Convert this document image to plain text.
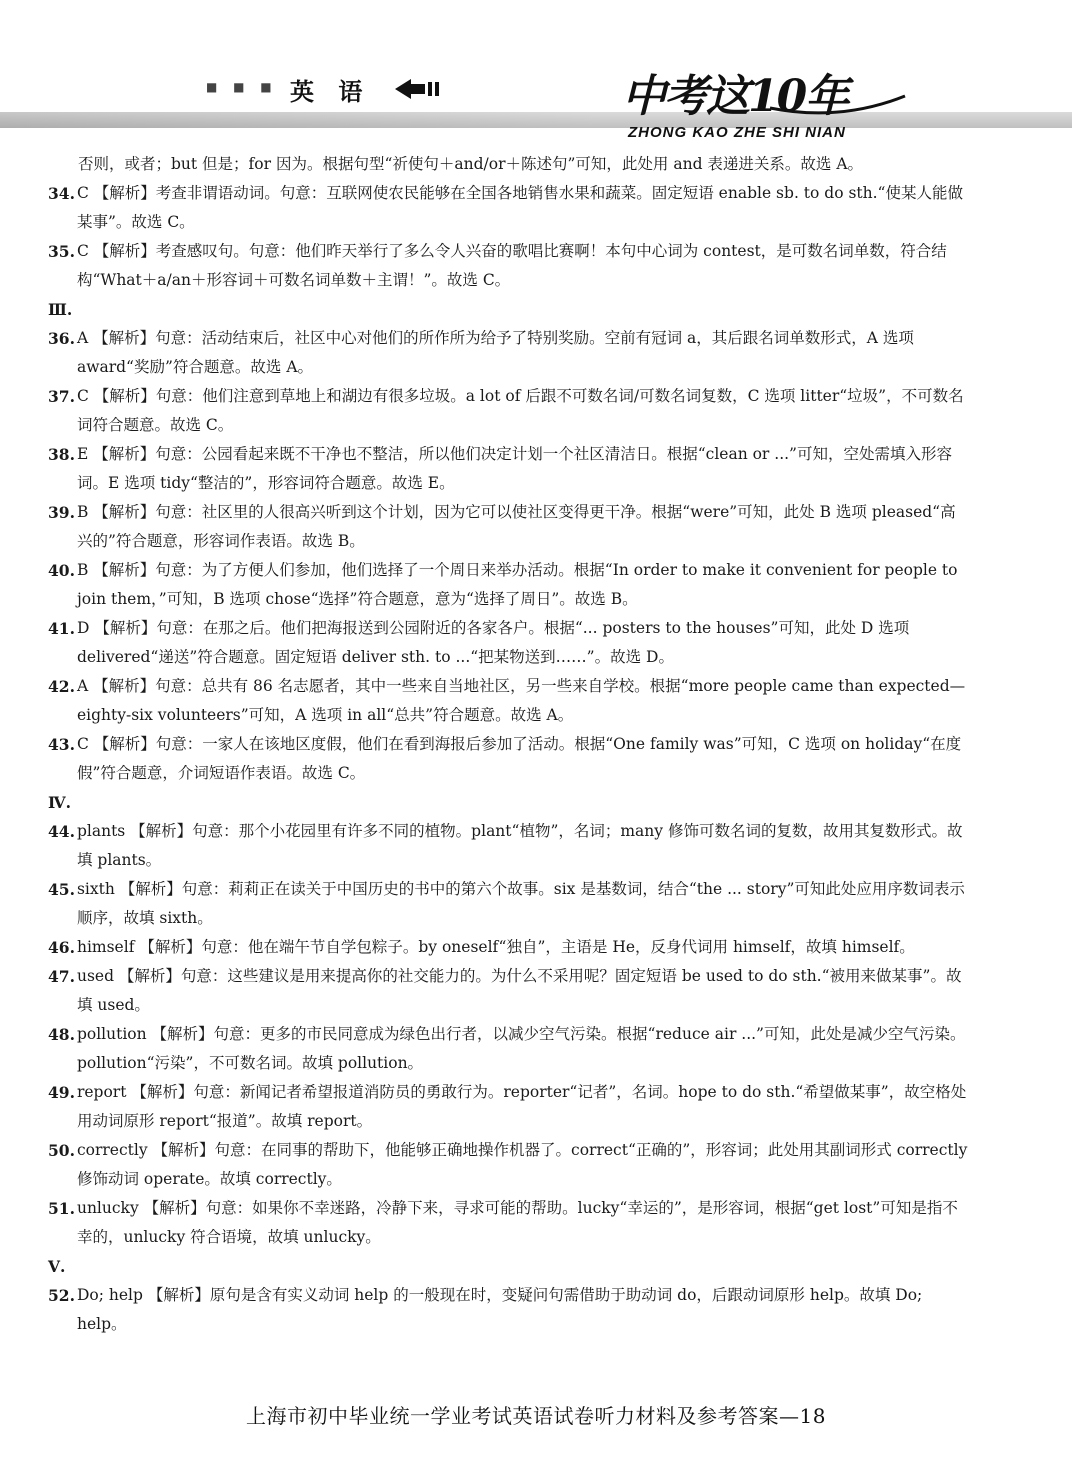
■ ■ ■ 英 语	中考这10年
ZHONG KAO ZHE SHI NIAN
否则，或者；but 但是；for 因为。根据句型“祈使句＋and/or＋陈述句”可知，此处用 and 表递进关系。故选 A。
34. C 【解析】考查非谓语动词。句意：互联网使农民能够在全国各地销售水果和蔬菜。固定短语 enable sb. to do sth.“使某人能做某事”。故选 C。
35. C 【解析】考查感叹句。句意：他们昨天举行了多么令人兴奋的歌唱比赛啊！本句中心词为 contest，是可数名词单数，符合结构“What＋a/an＋形容词＋可数名词单数＋主谓！”。故选 C。
Ⅲ.
36. A 【解析】句意：活动结束后，社区中心对他们的所作所为给予了特别奖励。空前有冠词 a，其后跟名词单数形式，A 选项 award“奖励”符合题意。故选 A。
37. C 【解析】句意：他们注意到草地上和湖边有很多垃圾。a lot of 后跟不可数名词/可数名词复数，C 选项 litter“垃圾”，不可数名词符合题意。故选 C。
38. E 【解析】句意：公园看起来既不干净也不整洁，所以他们决定计划一个社区清洁日。根据“clean or ...”可知，空处需填入形容词。E 选项 tidy“整洁的”，形容词符合题意。故选 E。
39. B 【解析】句意：社区里的人很高兴听到这个计划，因为它可以使社区变得更干净。根据“were”可知，此处 B 选项 pleased“高兴的”符合题意，形容词作表语。故选 B。
40. B 【解析】句意：为了方便人们参加，他们选择了一个周日来举办活动。根据“In order to make it convenient for people to join them，”可知，B 选项 chose“选择”符合题意，意为“选择了周日”。故选 B。
41. D 【解析】句意：在那之后。他们把海报送到公园附近的各家各户。根据“... posters to the houses”可知，此处 D 选项 delivered“递送”符合题意。固定短语 deliver sth. to ...“把某物送到……”。故选 D。
42. A 【解析】句意：总共有 86 名志愿者，其中一些来自当地社区，另一些来自学校。根据“more people came than expected—eighty-six volunteers”可知，A 选项 in all“总共”符合题意。故选 A。
43. C 【解析】句意：一家人在该地区度假，他们在看到海报后参加了活动。根据“One family was”可知，C 选项 on holiday“在度假”符合题意，介词短语作表语。故选 C。
Ⅳ.
44. plants 【解析】句意：那个小花园里有许多不同的植物。plant“植物”，名词；many 修饰可数名词的复数，故用其复数形式。故填 plants。
45. sixth 【解析】句意：莉莉正在读关于中国历史的书中的第六个故事。six 是基数词，结合“the ... story”可知此处应用序数词表示顺序，故填 sixth。
46. himself 【解析】句意：他在端午节自学包粽子。by oneself“独自”，主语是 He，反身代词用 himself，故填 himself。
47. used 【解析】句意：这些建议是用来提高你的社交能力的。为什么不采用呢？固定短语 be used to do sth.“被用来做某事”。故填 used。
48. pollution 【解析】句意：更多的市民同意成为绿色出行者，以减少空气污染。根据“reduce air ...”可知，此处是减少空气污染。pollution“污染”，不可数名词。故填 pollution。
49. report 【解析】句意：新闻记者希望报道消防员的勇敢行为。reporter“记者”，名词。hope to do sth.“希望做某事”，故空格处用动词原形 report“报道”。故填 report。
50. correctly 【解析】句意：在同事的帮助下，他能够正确地操作机器了。correct“正确的”，形容词；此处用其副词形式 correctly 修饰动词 operate。故填 correctly。
51. unlucky 【解析】句意：如果你不幸迷路，冷静下来，寻求可能的帮助。lucky“幸运的”，是形容词，根据“get lost”可知是指不幸的，unlucky 符合语境，故填 unlucky。
Ⅴ.
52. Do; help 【解析】原句是含有实义动词 help 的一般现在时，变疑问句需借助于助动词 do，后跟动词原形 help。故填 Do; help。
上海市初中毕业统一学业考试英语试卷听力材料及参考答案—18
